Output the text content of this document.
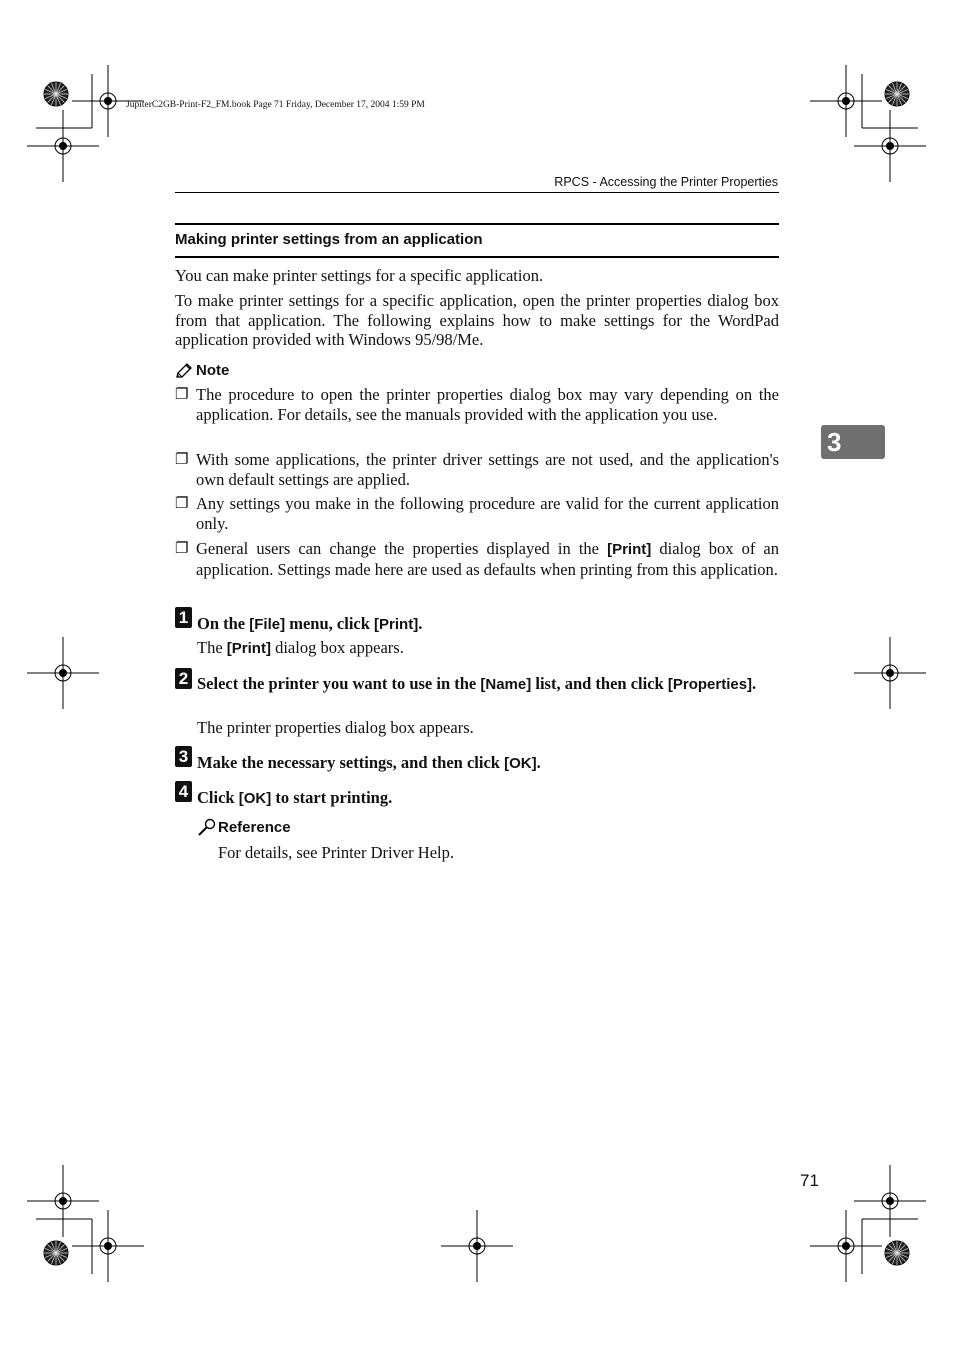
JupiterC2GB-Print-F2_FM.book Page 71 Friday, December 17, 2004 1:59 PM
RPCS - Accessing the Printer Properties
Making printer settings from an application
You can make printer settings for a specific application.
To make printer settings for a specific application, open the printer properties dialog box from that application. The following explains how to make settings for the WordPad application provided with Windows 95/98/Me.
Note
❐ The procedure to open the printer properties dialog box may vary depending on the application. For details, see the manuals provided with the application you use.
❐ With some applications, the printer driver settings are not used, and the application's own default settings are applied.
❐ Any settings you make in the following procedure are valid for the current application only.
❐ General users can change the properties displayed in the [Print] dialog box of an application. Settings made here are used as defaults when printing from this application.
1 On the [File] menu, click [Print].
The [Print] dialog box appears.
2 Select the printer you want to use in the [Name] list, and then click [Properties].
The printer properties dialog box appears.
3 Make the necessary settings, and then click [OK].
4 Click [OK] to start printing.
Reference
For details, see Printer Driver Help.
3
71
